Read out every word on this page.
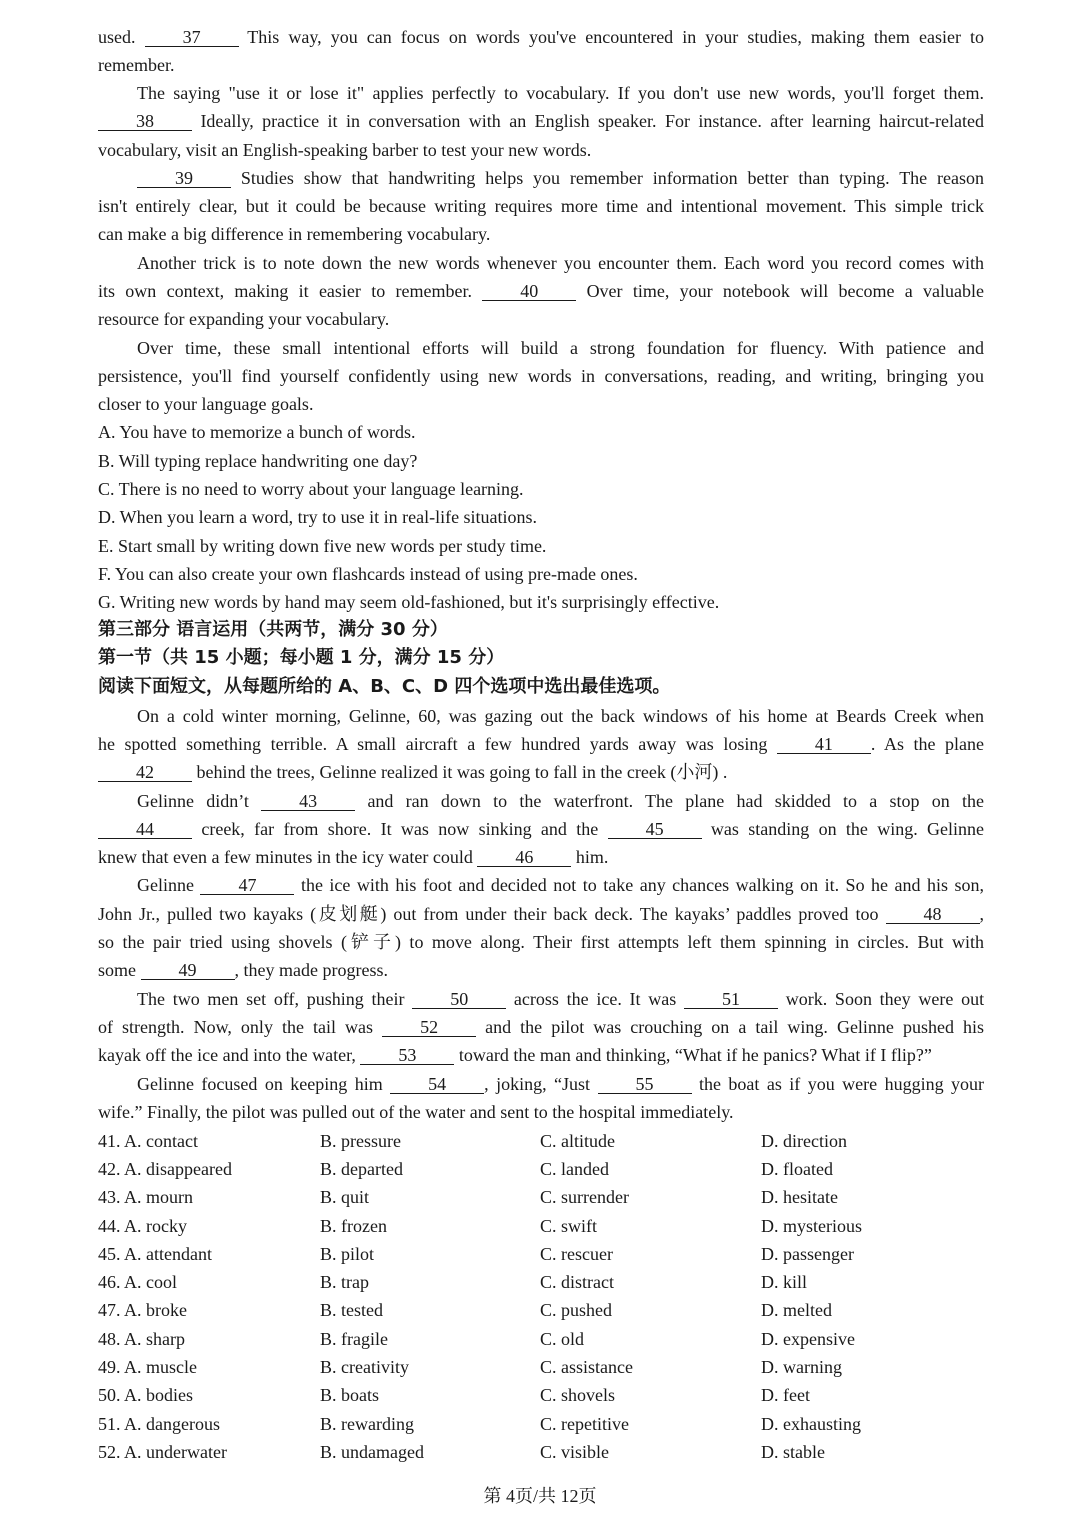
used.	37	This way, you can focus on words you've encountered in your studies, making them easier to
remember.
The saying "use it or lose it" applies perfectly to vocabulary. If you don't use new words, you'll forget them.
38	Ideally, practice it in conversation with an English speaker. For instance. after learning haircut-related
vocabulary, visit an English-speaking barber to test your new words.
39	Studies show that handwriting helps you remember information better than typing. The reason
isn't entirely clear, but it could be because writing requires more time and intentional movement. This simple trick
can make a big difference in remembering vocabulary.
Another trick is to note down the new words whenever you encounter them. Each word you record comes with
its own context, making it easier to remember.	40	Over time, your notebook will become a valuable
resource for expanding your vocabulary.
Over time, these small intentional efforts will build a strong foundation for fluency. With patience and
persistence, you'll find yourself confidently using new words in conversations, reading, and writing, bringing you
closer to your language goals.
A. You have to memorize a bunch of words.
B. Will typing replace handwriting one day?
C. There is no need to worry about your language learning.
D. When you learn a word, try to use it in real-life situations.
E. Start small by writing down five new words per study time.
F. You can also create your own flashcards instead of using pre-made ones.
G. Writing new words by hand may seem old-fashioned, but it's surprisingly effective.
第三部分 语言运用（共两节，满分 30 分）
第一节（共 15 小题；每小题 1 分，满分 15 分）
阅读下面短文，从每题所给的 A、B、C、D 四个选项中选出最佳选项。
On a cold winter morning, Gelinne, 60, was gazing out the back windows of his home at Beards Creek when
he spotted something terrible. A small aircraft a few hundred yards away was losing	41 . As the plane
42 behind the trees, Gelinne realized it was going to fall in the creek (小河) .
Gelinne didn’t	43	and ran down to the waterfront. The plane had skidded to a stop on the
44	creek, far from shore. It was now sinking and the	45	was standing on the wing. Gelinne
knew that even a few minutes in the icy water could 46 him.
Gelinne 47 the ice with his foot and decided not to take any chances walking on it. So he and his son,
John Jr., pulled two kayaks (皮划艇) out from under their back deck. The kayaks’ paddles proved too	48 ,
so the pair tried using shovels (铲子) to move along. Their first attempts left them spinning in circles. But with
some 49 , they made progress.
The two men set off, pushing their	50	across the ice. It was	51	work. Soon they were out
of strength. Now, only the tail was	52	and the pilot was crouching on a tail wing. Gelinne pushed his
kayak off the ice and into the water, 53 toward the man and thinking, “What if he panics? What if I flip?”
Gelinne focused on keeping him	54 , joking, “Just	55	the boat as if you were hugging your
wife.” Finally, the pilot was pulled out of the water and sent to the hospital immediately.
41. A. contact	B. pressure	C. altitude	D. direction
42. A. disappeared	B. departed	C. landed	D. floated
43. A. mourn	B. quit	C. surrender	D. hesitate
44. A. rocky	B. frozen	C. swift	D. mysterious
45. A. attendant	B. pilot	C. rescuer	D. passenger
46. A. cool	B. trap	C. distract	D. kill
47. A. broke	B. tested	C. pushed	D. melted
48. A. sharp	B. fragile	C. old	D. expensive
49. A. muscle	B. creativity	C. assistance	D. warning
50. A. bodies	B. boats	C. shovels	D. feet
51. A. dangerous	B. rewarding	C. repetitive	D. exhausting
52. A. underwater	B. undamaged	C. visible	D. stable
第 4页/共 12页
